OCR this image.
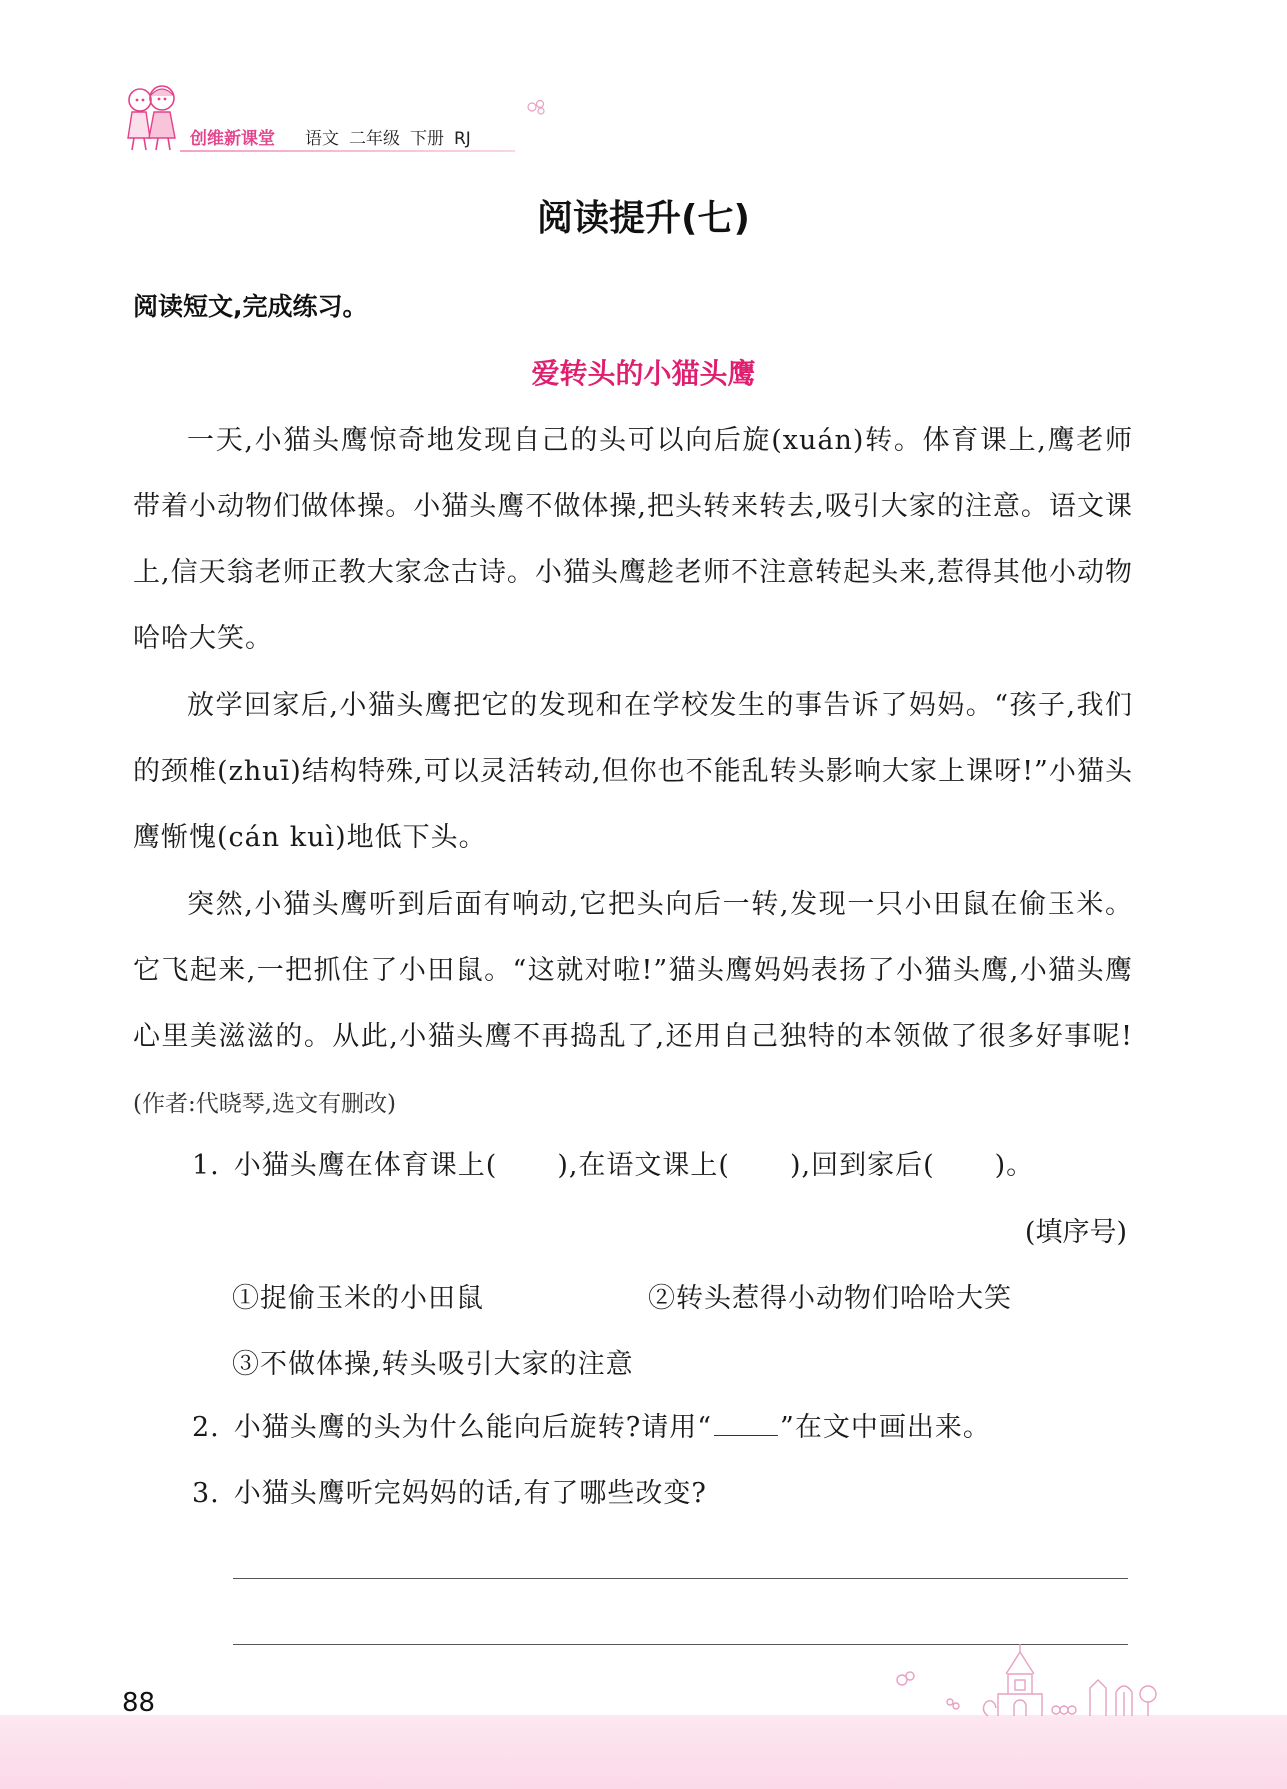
创维新课堂 语文 二年级 下册 RJ
阅读提升(七)
阅读短文,完成练习。
爱转头的小猫头鹰

一天,小猫头鹰惊奇地发现自己的头可以向后旋(xuán)转。体育课上,鹰老师带着小动物们做体操。小猫头鹰不做体操,把头转来转去,吸引大家的注意。语文课上,信天翁老师正教大家念古诗。小猫头鹰趁老师不注意转起头来,惹得其他小动物哈哈大笑。

放学回家后,小猫头鹰把它的发现和在学校发生的事告诉了妈妈。“孩子,我们的颈椎(zhuī)结构特殊,可以灵活转动,但你也不能乱转头影响大家上课呀!”小猫头鹰惭愧(cán kuì)地低下头。

突然,小猫头鹰听到后面有响动,它把头向后一转,发现一只小田鼠在偷玉米。它飞起来,一把抓住了小田鼠。“这就对啦!”猫头鹰妈妈表扬了小猫头鹰,小猫头鹰心里美滋滋的。从此,小猫头鹰不再捣乱了,还用自己独特的本领做了很多好事呢! (作者:代晓琴,选文有删改)

1. 小猫头鹰在体育课上( ),在语文课上( ),回到家后( )。
(填序号)
①捉偷玉米的小田鼠	②转头惹得小动物们哈哈大笑
③不做体操,转头吸引大家的注意
2. 小猫头鹰的头为什么能向后旋转?请用“	”在文中画出来。
3. 小猫头鹰听完妈妈的话,有了哪些改变?
88
